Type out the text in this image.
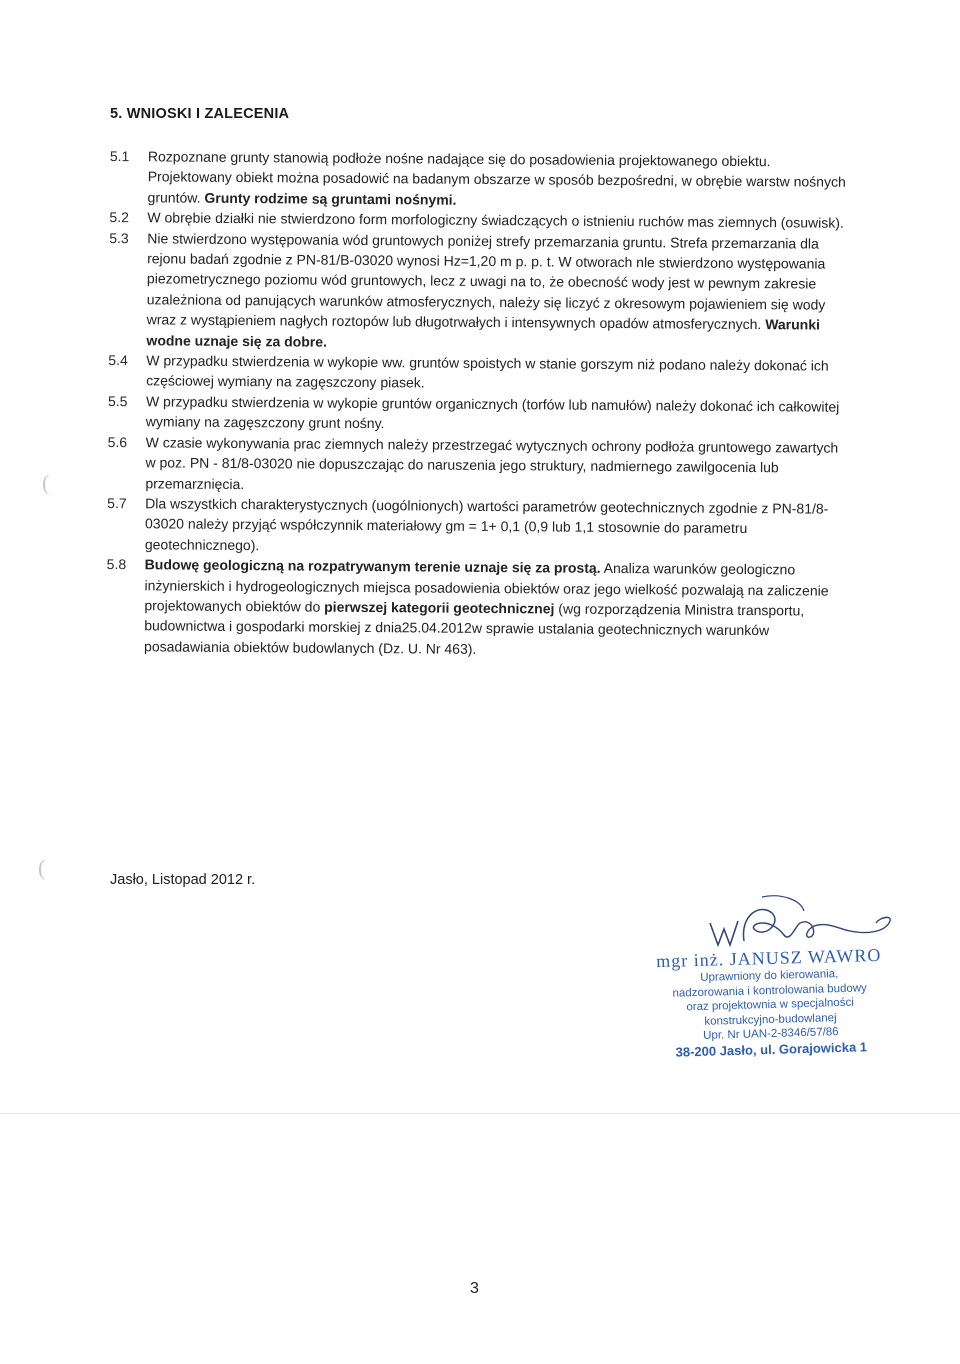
(
(
5. WNIOSKI I ZALECENIA
5.1	Rozpoznane grunty stanowią podłoże nośne nadające się do posadowienia projektowanego obiektu. Projektowany obiekt można posadowić na badanym obszarze w sposób bezpośredni, w obrębie warstw nośnych gruntów. Grunty rodzime są gruntami nośnymi.
5.2	W obrębie działki nie stwierdzono form morfologiczny świadczących o istnieniu ruchów mas ziemnych (osuwisk).
5.3	Nie stwierdzono występowania wód gruntowych poniżej strefy przemarzania gruntu. Strefa przemarzania dla rejonu badań zgodnie z PN-81/B-03020 wynosi Hz=1,20 m p. p. t. W otworach nle stwierdzono występowania piezometrycznego poziomu wód gruntowych, lecz z uwagi na to, że obecność wody jest w pewnym zakresie uzależniona od panujących warunków atmosferycznych, należy się liczyć z okresowym pojawieniem się wody wraz z wystąpieniem nagłych roztopów lub długotrwałych i intensywnych opadów atmosferycznych. Warunki wodne uznaje się za dobre.
5.4	W przypadku stwierdzenia w wykopie ww. gruntów spoistych w stanie gorszym niż podano należy dokonać ich częściowej wymiany na zagęszczony piasek.
5.5	W przypadku stwierdzenia w wykopie gruntów organicznych (torfów lub namułów) należy dokonać ich całkowitej wymiany na zagęszczony grunt nośny.
5.6	W czasie wykonywania prac ziemnych należy przestrzegać wytycznych ochrony podłoża gruntowego zawartych w poz. PN - 81/8-03020 nie dopuszczając do naruszenia jego struktury, nadmiernego zawilgocenia lub przemarznięcia.
5.7	Dla wszystkich charakterystycznych (uogólnionych) wartości parametrów geotechnicznych zgodnie z PN-81/8-03020 należy przyjąć współczynnik materiałowy gm = 1+ 0,1 (0,9 lub 1,1 stosownie do parametru geotechnicznego).
5.8	Budowę geologiczną na rozpatrywanym terenie uznaje się za prostą. Analiza warunków geologiczno inżynierskich i hydrogeologicznych miejsca posadowienia obiektów oraz jego wielkość pozwalają na zaliczenie projektowanych obiektów do pierwszej kategorii geotechnicznej (wg rozporządzenia Ministra transportu, budownictwa i gospodarki morskiej z dnia25.04.2012w sprawie ustalania geotechnicznych warunków posadawiania obiektów budowlanych (Dz. U. Nr 463).
Jasło, Listopad 2012 r.
mgr inż. JANUSZ WAWRO
Uprawniony do kierowania,
nadzorowania i kontrolowania budowy
oraz projektownia w specjalności
konstrukcyjno-budowlanej
Upr. Nr UAN-2-8346/57/86
38-200 Jasło, ul. Gorajowicka 1
3
